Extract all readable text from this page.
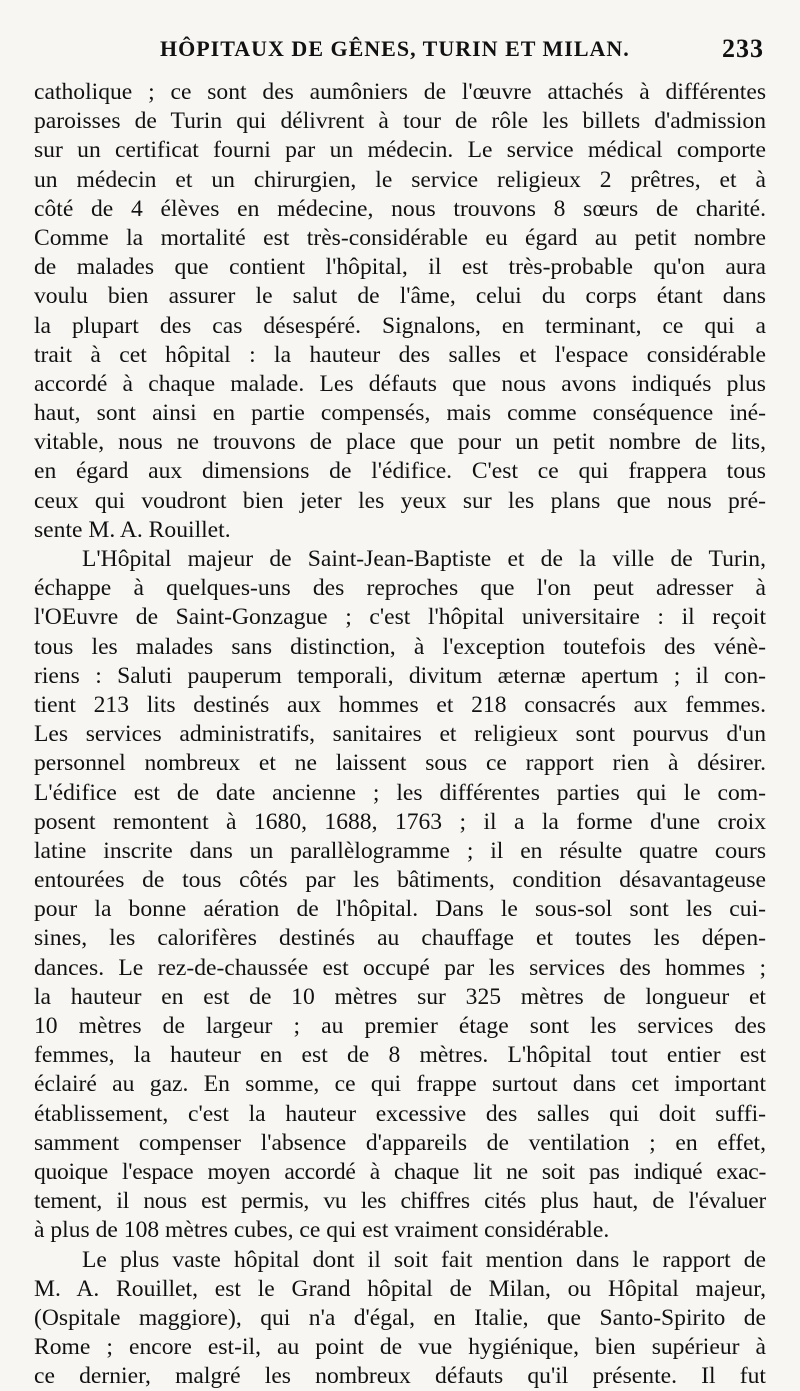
HÔPITAUX DE GÊNES, TURIN ET MILAN.	233
catholique ; ce sont des aumôniers de l'œuvre attachés à différentes
paroisses de Turin qui délivrent à tour de rôle les billets d'admission
sur un certificat fourni par un médecin. Le service médical comporte
un médecin et un chirurgien, le service religieux 2 prêtres, et à
côté de 4 élèves en médecine, nous trouvons 8 sœurs de charité.
Comme la mortalité est très-considérable eu égard au petit nombre
de malades que contient l'hôpital, il est très-probable qu'on aura
voulu bien assurer le salut de l'âme, celui du corps étant dans
la plupart des cas désespéré. Signalons, en terminant, ce qui a
trait à cet hôpital : la hauteur des salles et l'espace considérable
accordé à chaque malade. Les défauts que nous avons indiqués plus
haut, sont ainsi en partie compensés, mais comme conséquence iné-
vitable, nous ne trouvons de place que pour un petit nombre de lits,
en égard aux dimensions de l'édifice. C'est ce qui frappera tous
ceux qui voudront bien jeter les yeux sur les plans que nous pré-
sente M. A. Rouillet.
L'Hôpital majeur de Saint-Jean-Baptiste et de la ville de Turin,
échappe à quelques-uns des reproches que l'on peut adresser à
l'OEuvre de Saint-Gonzague ; c'est l'hôpital universitaire : il reçoit
tous les malades sans distinction, à l'exception toutefois des vénè-
riens : Saluti pauperum temporali, divitum æternæ apertum ; il con-
tient 213 lits destinés aux hommes et 218 consacrés aux femmes.
Les services administratifs, sanitaires et religieux sont pourvus d'un
personnel nombreux et ne laissent sous ce rapport rien à désirer.
L'édifice est de date ancienne ; les différentes parties qui le com-
posent remontent à 1680, 1688, 1763 ; il a la forme d'une croix
latine inscrite dans un parallèlogramme ; il en résulte quatre cours
entourées de tous côtés par les bâtiments, condition désavantageuse
pour la bonne aération de l'hôpital. Dans le sous-sol sont les cui-
sines, les calorifères destinés au chauffage et toutes les dépen-
dances. Le rez-de-chaussée est occupé par les services des hommes ;
la hauteur en est de 10 mètres sur 325 mètres de longueur et
10 mètres de largeur ; au premier étage sont les services des
femmes, la hauteur en est de 8 mètres. L'hôpital tout entier est
éclairé au gaz. En somme, ce qui frappe surtout dans cet important
établissement, c'est la hauteur excessive des salles qui doit suffi-
samment compenser l'absence d'appareils de ventilation ; en effet,
quoique l'espace moyen accordé à chaque lit ne soit pas indiqué exac-
tement, il nous est permis, vu les chiffres cités plus haut, de l'évaluer
à plus de 108 mètres cubes, ce qui est vraiment considérable.
Le plus vaste hôpital dont il soit fait mention dans le rapport de
M. A. Rouillet, est le Grand hôpital de Milan, ou Hôpital majeur,
(Ospitale maggiore), qui n'a d'égal, en Italie, que Santo-Spirito de
Rome ; encore est-il, au point de vue hygiénique, bien supérieur à
ce dernier, malgré les nombreux défauts qu'il présente. Il fut
